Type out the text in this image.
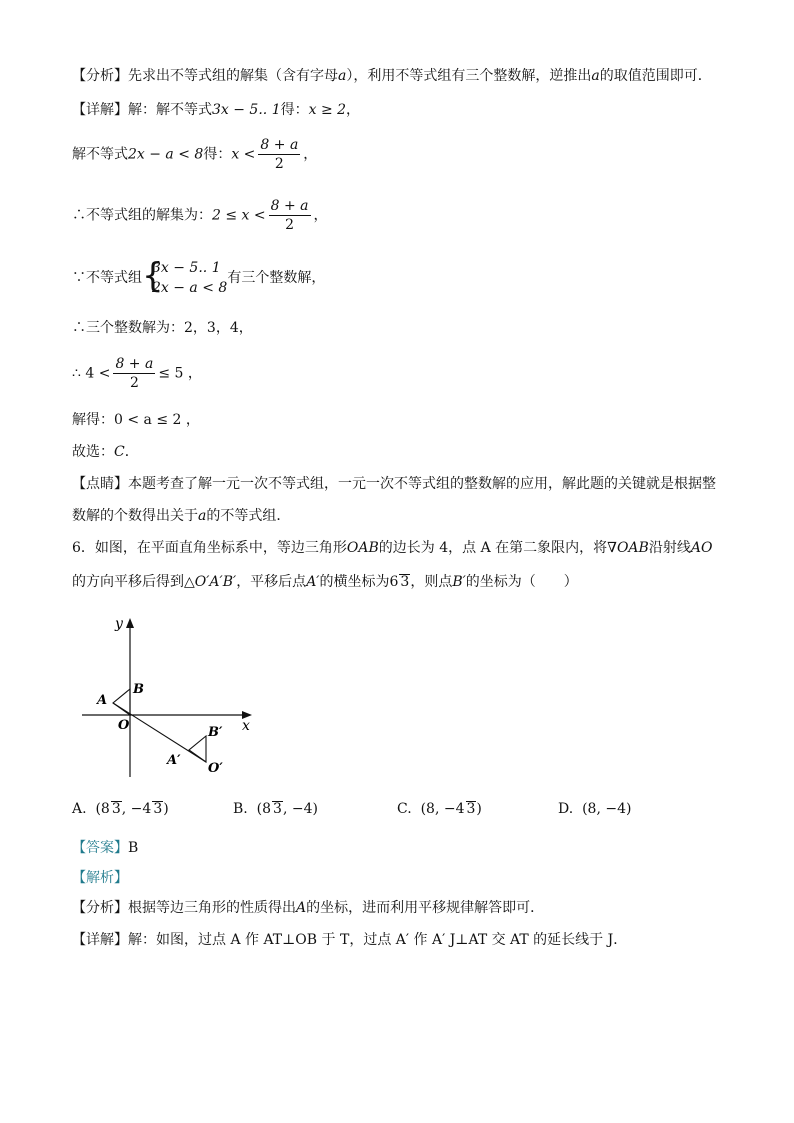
【分析】先求出不等式组的解集（含有字母a），利用不等式组有三个整数解，逆推出a的取值范围即可．
【详解】解：解不等式3x − 5.. 1得：x ≥ 2，
解不等式2x − a < 8得：$x < \frac{8 + a}{2}$ ，
∴不等式组的解集为：$2 \le x < \frac{8 + a}{2}$ ，
∵不等式组 {
3x − 5.. 1
2x − a < 8
有三个整数解，
∴三个整数解为：2，3，4，
∴ $4 < \frac{8 + a}{2} \le 5$ ，
解得：0 < a ≤ 2 ，
故选：C．
【点睛】本题考查了解一元一次不等式组，一元一次不等式组的整数解的应用，解此题的关键就是根据整
数解的个数得出关于a的不等式组．
6．如图，在平面直角坐标系中，等边三角形OAB的边长为 4，点 A 在第二象限内，将∇OAB沿射线AO
的方向平移后得到△O′A′B′，平移后点A′的横坐标为6 3，则点B′的坐标为（　　）
y
x
O
A
B
B′
A′
O′
A. (8 3, −4 3)	B. (8 3, −4)	C. (8, −4 3)	D. (8, −4)
【答案】B
【解析】
【分析】根据等边三角形的性质得出A的坐标，进而利用平移规律解答即可．
【详解】解：如图，过点 A 作 AT⊥OB 于 T，过点 A′ 作 A′ J⊥AT 交 AT 的延长线于 J．
